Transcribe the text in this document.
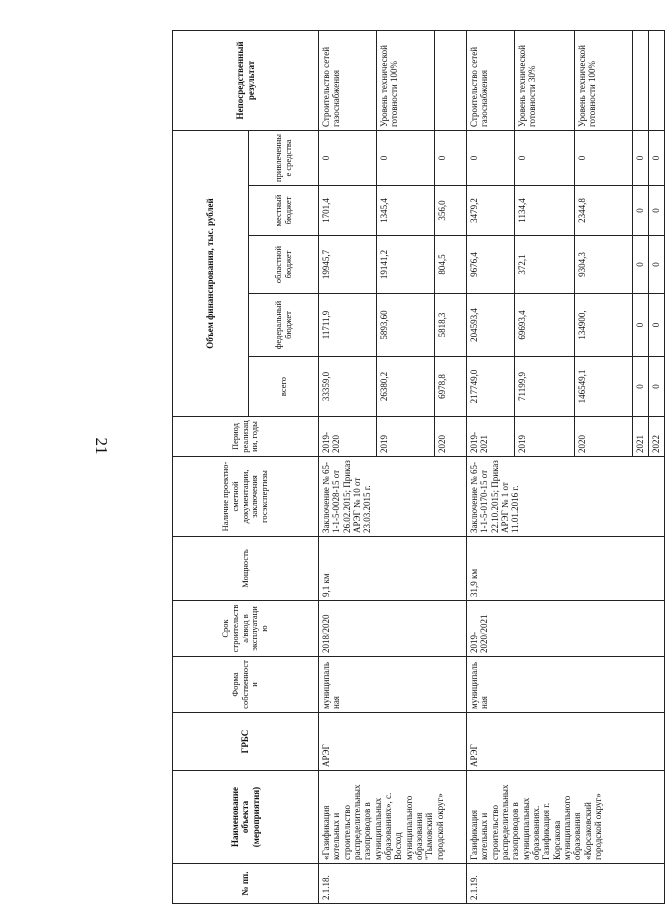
21
№ пп.	Наименование объекта (мероприятия)	ГРБС	Форма собственности	Срок строительства/ввод в эксплуатацию	Мощность	Наличие проектно-сметной документации, заключения госэкспертизы	Период реализации, годы	Объем финансирования, тыс. рублей					Непосредственный результат
								всего	федеральный бюджет	областной бюджет	местный бюджет	привлеченные средства	
2.1.18.	«Газификация котельных и строительство распределительных газопроводов в муниципальных образованиях», с. Восход муниципального образования "Тымовский городской округ»	АРЭГ	муниципальная	2018/2020	9,1 км	Заключение № 65-1-1-5-0028-15 от 26.02.2015; Приказ АРЭГ № 10 от 23.03.2015 г.	2019-2020	33359,0	11711,9	19945,7	1701,4	0	Строительство сетей газоснабжения
							2019	26380,2	5893,60	19141,2	1345,4	0	Уровень технической готовности 100%
							2020	6978,8	5818,3	804,5	356,0	0	
2.1.19.	Газификация котельных и строительство распределительных газопроводов в муниципальных образованиях. Газификация г. Корсакова муниципального образования «Корсаковский городской округ»	АРЭГ	муниципальная	2019-2020/2021	31,9 км	Заключение № 65-1-1-5-0170-15 от 22.10.2015; Приказ АРЭГ № 1 от 11.01.2016 г.	2019-2021	217749,0	204593,4	9676,4	3479,2	0	Строительство сетей газоснабжения
							2019	71199,9	69693,4	372,1	1134,4	0	Уровень технической готовности 30%
							2020	146549,1	134900,	9304,3	2344,8	0	Уровень технической готовности 100%
							2021	0	0	0	0	0	
							2022	0	0	0	0	0	
